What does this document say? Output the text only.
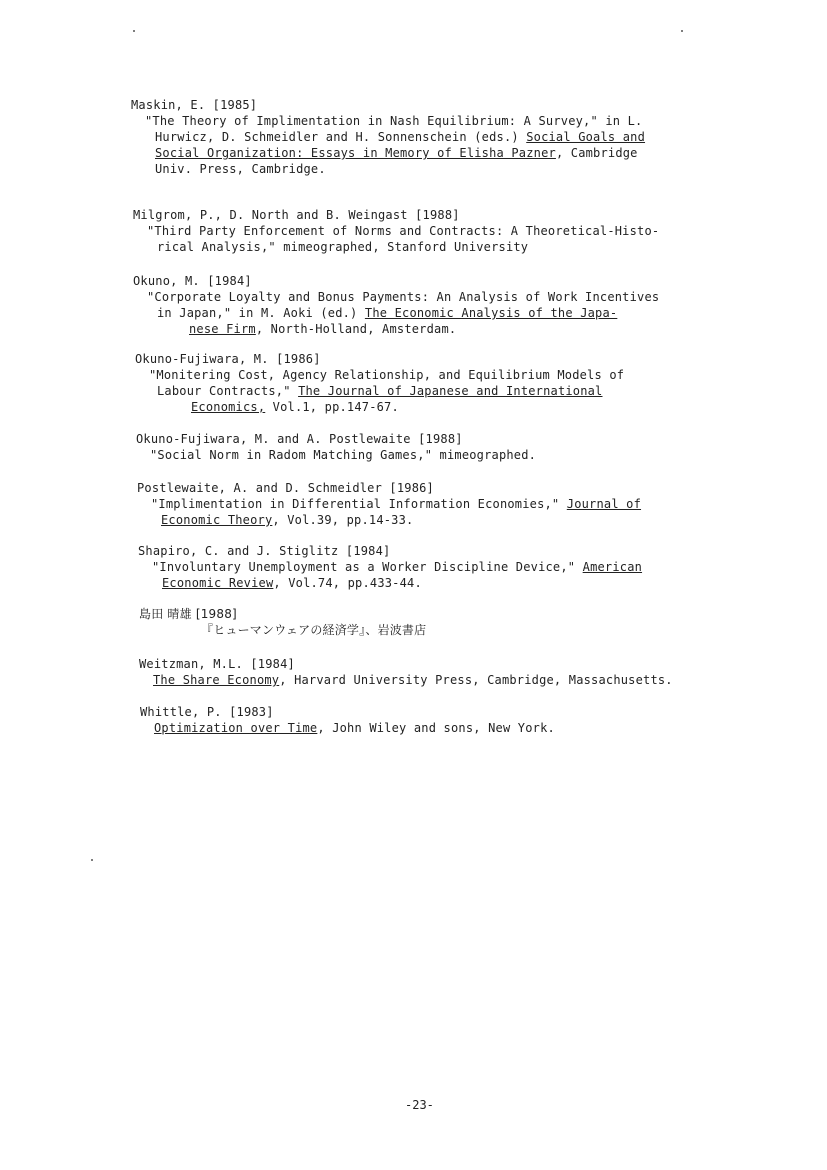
Maskin, E. [1985]
"The Theory of Implimentation in Nash Equilibrium: A Survey," in L.
Hurwicz, D. Schmeidler and H. Sonnenschein (eds.) Social Goals and
Social Organization: Essays in Memory of Elisha Pazner, Cambridge
Univ. Press, Cambridge.
Milgrom, P., D. North and B. Weingast [1988]
"Third Party Enforcement of Norms and Contracts: A Theoretical-Histo-
rical Analysis," mimeographed, Stanford University
Okuno, M. [1984]
"Corporate Loyalty and Bonus Payments: An Analysis of Work Incentives
in Japan," in M. Aoki (ed.) The Economic Analysis of the Japa-
nese Firm, North-Holland, Amsterdam.
Okuno-Fujiwara, M. [1986]
"Monitering Cost, Agency Relationship, and Equilibrium Models of
Labour Contracts," The Journal of Japanese and International
Economics, Vol.1, pp.147-67.
Okuno-Fujiwara, M. and A. Postlewaite [1988]
"Social Norm in Radom Matching Games," mimeographed.
Postlewaite, A. and D. Schmeidler [1986]
"Implimentation in Differential Information Economies," Journal of
Economic Theory, Vol.39, pp.14-33.
Shapiro, C. and J. Stiglitz [1984]
"Involuntary Unemployment as a Worker Discipline Device," American
Economic Review, Vol.74, pp.433-44.
島田 晴雄 [1988]
『ヒューマンウェアの経済学』、岩波書店
Weitzman, M.L. [1984]
The Share Economy, Harvard University Press, Cambridge, Massachusetts.
Whittle, P. [1983]
Optimization over Time, John Wiley and sons, New York.
-23-
